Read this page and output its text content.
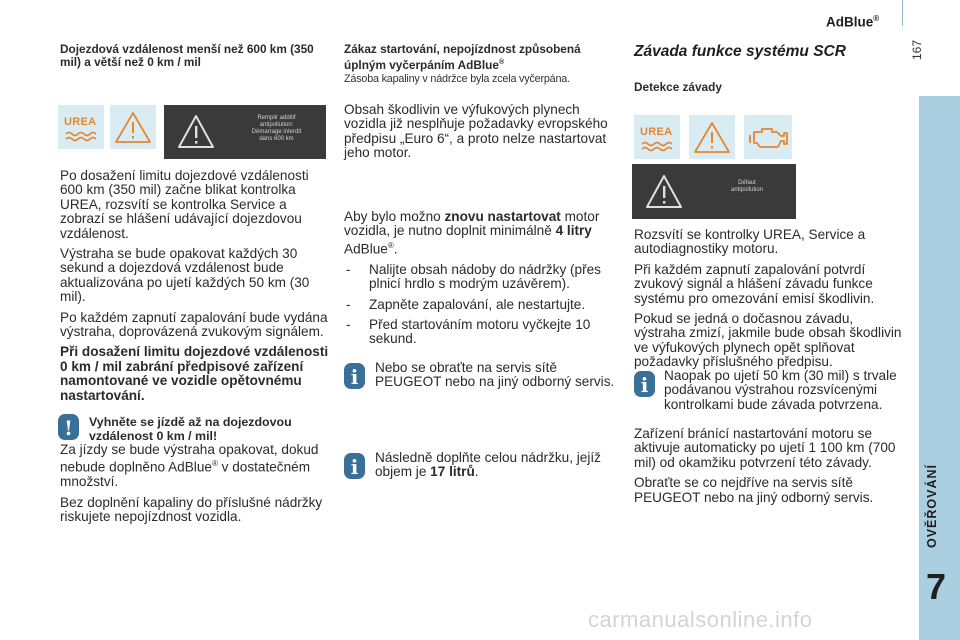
AdBlue®
167
OVĚŘOVÁNÍ
7
Dojezdová vzdálenost menší než 600 km (350 mil) a větší než 0 km / mil
UREA	Remplir additif
antipollution:
Démarrage interdit
dans 600 km

Po dosažení limitu dojezdové vzdálenosti 600 km (350 mil) začne blikat kontrolka UREA, rozsvítí se kontrolka Service a zobrazí se hlášení udávající dojezdovou vzdálenost.

Výstraha se bude opakovat každých 30 sekund a dojezdová vzdálenost bude aktualizována po ujetí každých 50 km (30 mil).

Po každém zapnutí zapalování bude vydána výstraha, doprovázená zvukovým signálem.

Při dosažení limitu dojezdové vzdálenosti 0 km / mil zabrání předpisové zařízení namontované ve vozidle opětovnému nastartování.

!	Vyhněte se jízdě až na dojezdovou vzdálenost 0 km / mil!

Za jízdy se bude výstraha opakovat, dokud nebude doplněno AdBlue® v dostatečném množství.

Bez doplnění kapaliny do příslušné nádržky riskujete nepojízdnost vozidla.

Zákaz startování, nepojízdnost způsobená úplným vyčerpáním AdBlue®
Zásoba kapaliny v nádržce byla zcela vyčerpána.

Obsah škodlivin ve výfukových plynech vozidla již nesplňuje požadavky evropského předpisu „Euro 6“, a proto nelze nastartovat jeho motor.

Aby bylo možno znovu nastartovat motor vozidla, je nutno doplnit minimálně 4 litry AdBlue®.

- Nalijte obsah nádoby do nádržky (přes plnicí hrdlo s modrým uzávěrem).
- Zapněte zapalování, ale nestartujte.
- Před startováním motoru vyčkejte 10 sekund.
i	Nebo se obraťte na servis sítě PEUGEOT nebo na jiný odborný servis.
i	Následně doplňte celou nádržku, jejíž objem je 17 litrů.
Závada funkce systému SCR
Detekce závady
UREA
Défaut
antipollution

Rozsvítí se kontrolky UREA, Service a autodiagnostiky motoru.

Při každém zapnutí zapalování potvrdí zvukový signál a hlášení závadu funkce systému pro omezování emisí škodlivin.

Pokud se jedná o dočasnou závadu, výstraha zmizí, jakmile bude obsah škodlivin ve výfukových plynech opět splňovat požadavky příslušného předpisu.

i	Naopak po ujetí 50 km (30 mil) s trvale podávanou výstrahou rozsvícenými kontrolkami bude závada potvrzena.

Zařízení bránící nastartování motoru se aktivuje automaticky po ujetí 1 100 km (700 mil) od okamžiku potvrzení této závady.

Obraťte se co nejdříve na servis sítě PEUGEOT nebo na jiný odborný servis.

carmanualsonline.info
